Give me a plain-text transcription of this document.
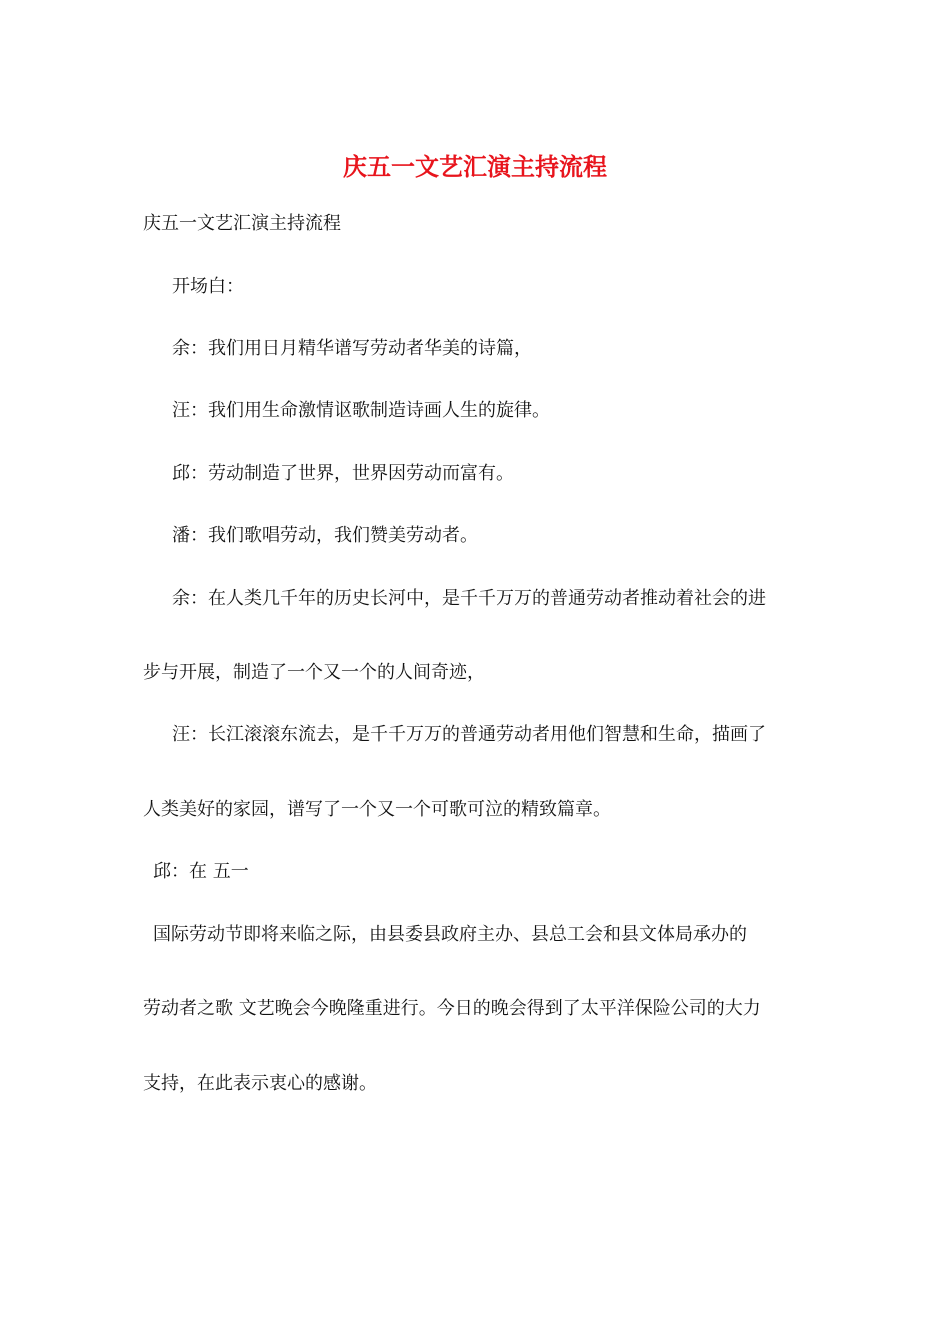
庆五一文艺汇演主持流程
庆五一文艺汇演主持流程
开场白：
余：我们用日月精华谱写劳动者华美的诗篇，
汪：我们用生命激情讴歌制造诗画人生的旋律。
邱：劳动制造了世界，世界因劳动而富有。
潘：我们歌唱劳动，我们赞美劳动者。
余：在人类几千年的历史长河中，是千千万万的普通劳动者推动着社会的进
步与开展，制造了一个又一个的人间奇迹，
汪：长江滚滚东流去，是千千万万的普通劳动者用他们智慧和生命，描画了
人类美好的家园，谱写了一个又一个可歌可泣的精致篇章。
邱：在 五一
国际劳动节即将来临之际，由县委县政府主办、县总工会和县文体局承办的
劳动者之歌 文艺晚会今晚隆重进行。今日的晚会得到了太平洋保险公司的大力
支持，在此表示衷心的感谢。
